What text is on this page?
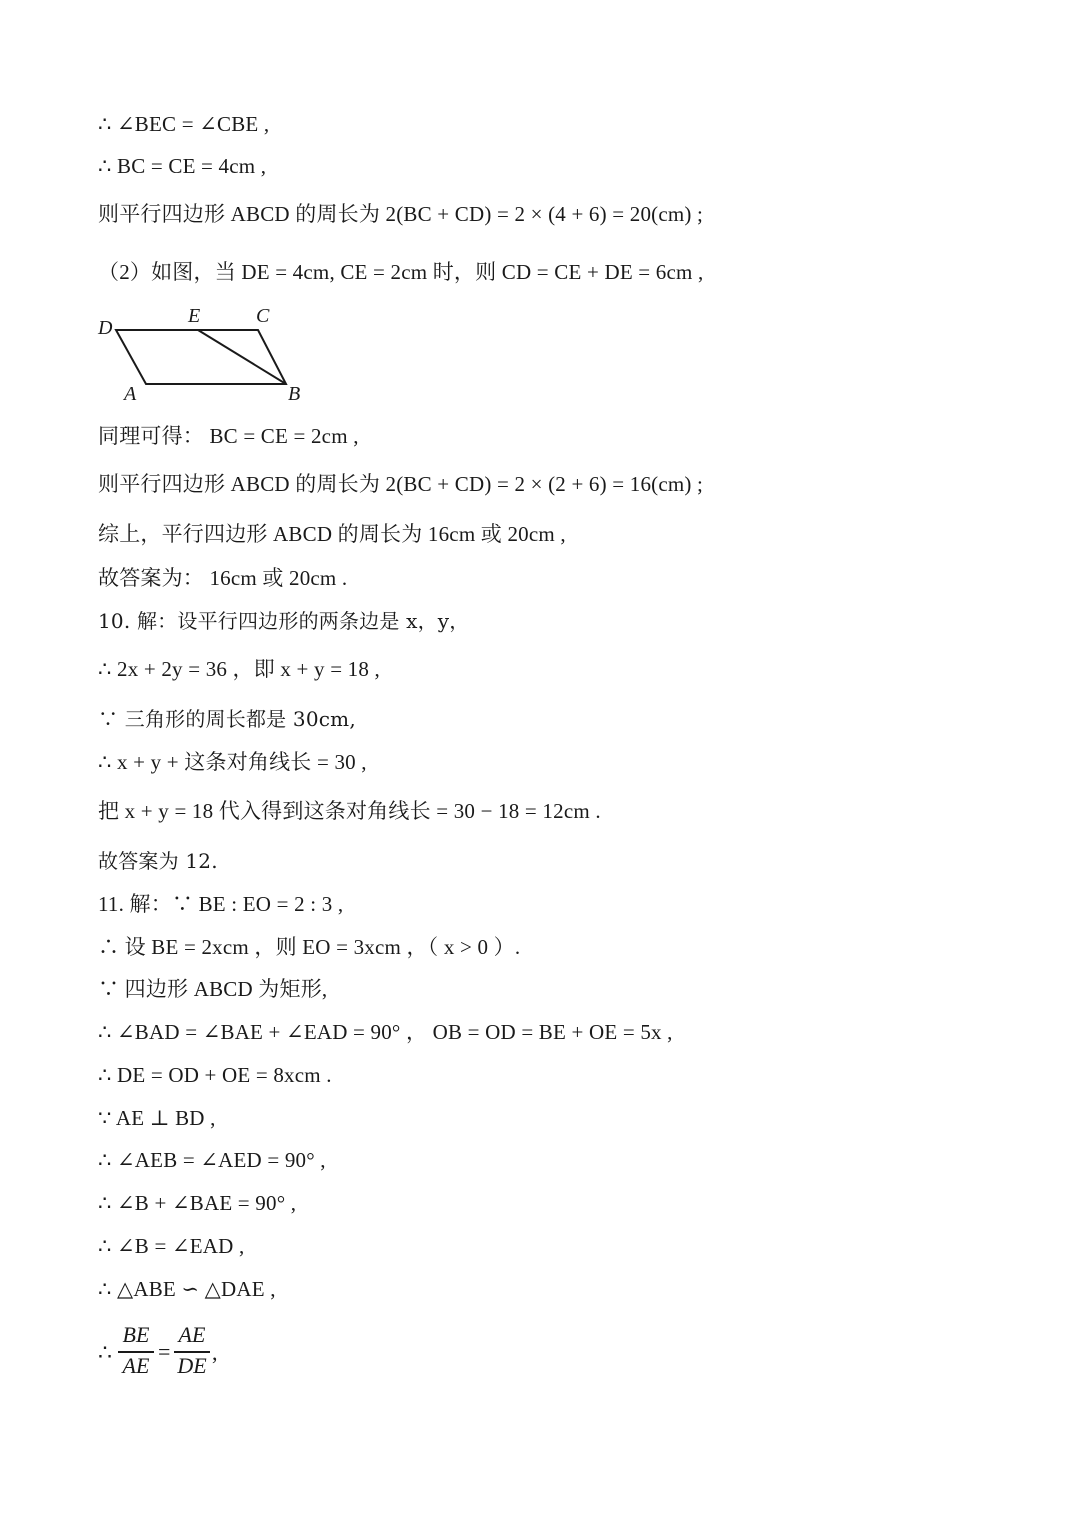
∴ ∠BEC = ∠CBE ,
∴ BC = CE = 4cm ,
则平行四边形 ABCD 的周长为 2(BC + CD) = 2 × (4 + 6) = 20(cm) ;
（2）如图，当 DE = 4cm, CE = 2cm 时，则 CD = CE + DE = 6cm ,
D
E	C
A	B
同理可得： BC = CE = 2cm ,
则平行四边形 ABCD 的周长为 2(BC + CD) = 2 × (2 + 6) = 16(cm) ;
综上，平行四边形 ABCD 的周长为 16cm 或 20cm ,
故答案为： 16cm 或 20cm .
10. 解：设平行四边形的两条边是 x，y，
∴ 2x + 2y = 36 ，即 x + y = 18 ,
∵ 三角形的周长都是 30cm,
∴ x + y + 这条对角线长 = 30 ,
把 x + y = 18 代入得到这条对角线长 = 30 − 18 = 12cm .
故答案为 12.
11. 解：∵ BE : EO = 2 : 3 ,
∴ 设 BE = 2xcm ，则 EO = 3xcm ，（ x > 0 ）.
∵ 四边形 ABCD 为矩形,
∴ ∠BAD = ∠BAE + ∠EAD = 90° ， OB = OD = BE + OE = 5x ,
∴ DE = OD + OE = 8xcm .
∵ AE ⊥ BD ,
∴ ∠AEB = ∠AED = 90° ,
∴ ∠B + ∠BAE = 90° ,
∴ ∠B = ∠EAD ,
∴ △ABE ∽ △DAE ,
∴
BE
AE
=
AE
DE
,
